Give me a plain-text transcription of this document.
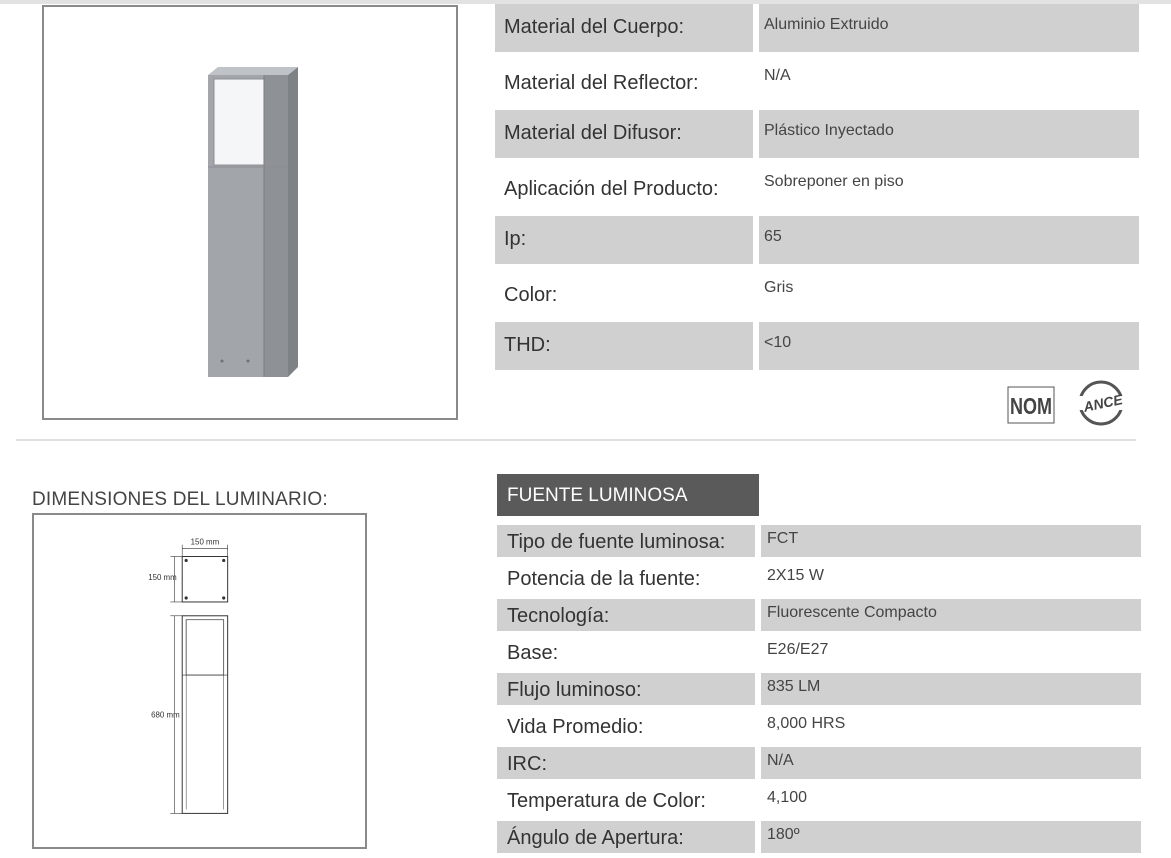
Material del Cuerpo:	Aluminio Extruido
Material del Reflector:	N/A
Material del Difusor:	Plástico Inyectado
Aplicación del Producto:	Sobreponer en piso
Ip:	65
Color:	Gris
THD:	<10
NOM ANCE
DIMENSIONES DEL LUMINARIO:
150 mm
150 mm
680 mm
FUENTE LUMINOSA
Tipo de fuente luminosa:	FCT
Potencia de la fuente:	2X15 W
Tecnología:	Fluorescente Compacto
Base:	E26/E27
Flujo luminoso:	835 LM
Vida Promedio:	8,000 HRS
IRC:	N/A
Temperatura de Color:	4,100
Ángulo de Apertura:	180º
